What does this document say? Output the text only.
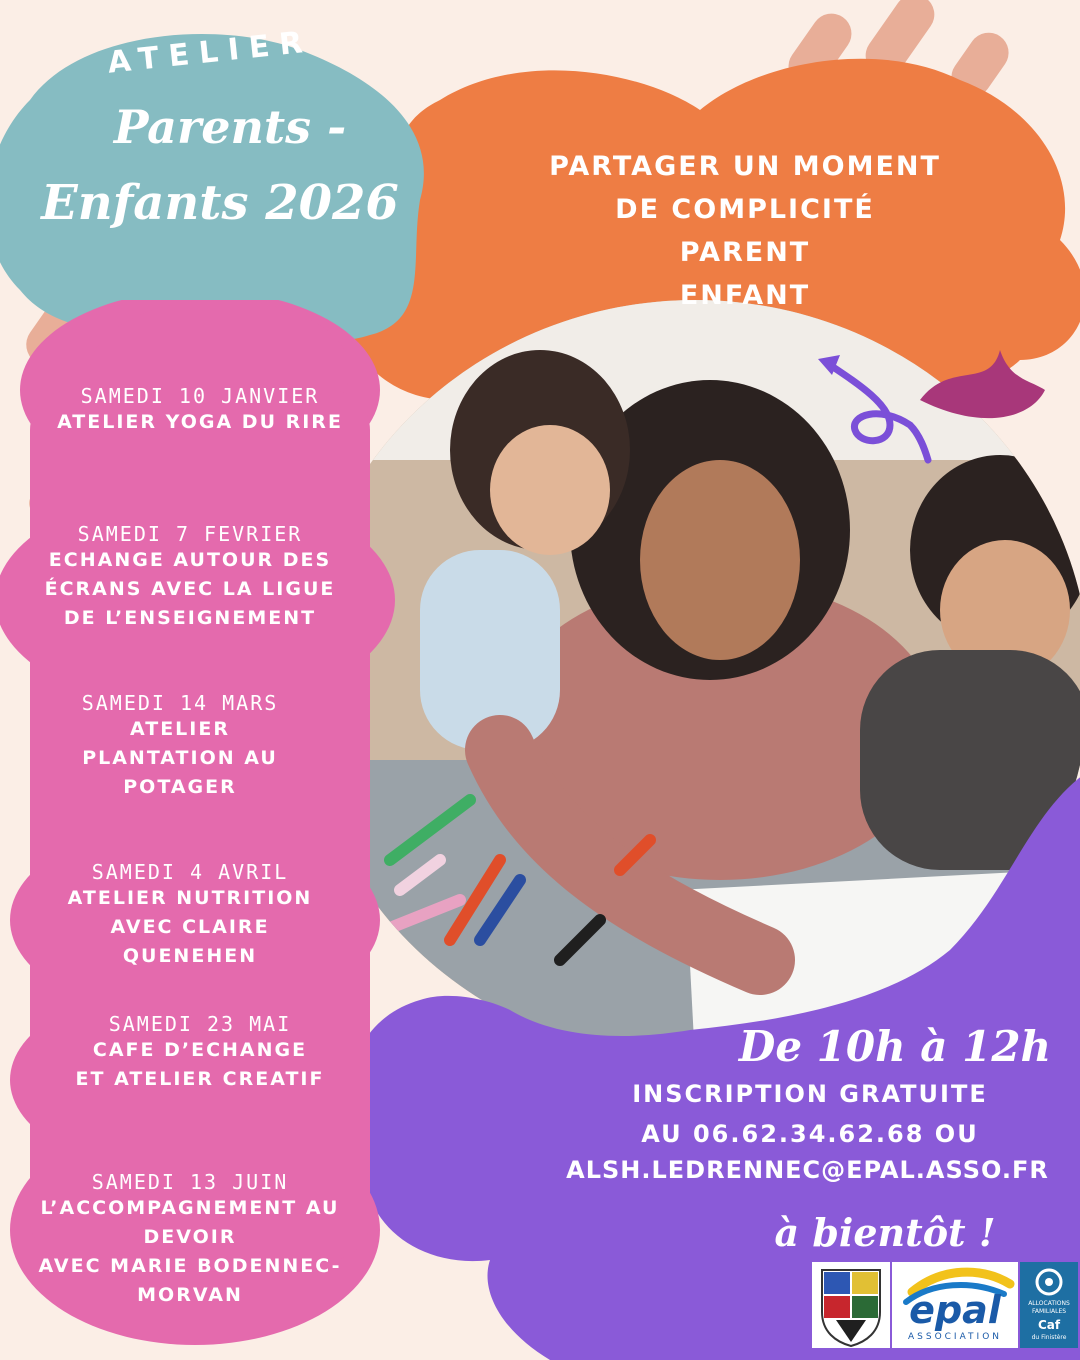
ATELIER
Parents -
Enfants 2026
PARTAGER UN MOMENT
DE COMPLICITÉ
PARENT
ENFANT
SAMEDI 10 JANVIER
ATELIER YOGA DU RIRE
SAMEDI 7 FEVRIER
ECHANGE AUTOUR DES
ÉCRANS AVEC LA LIGUE
DE L’ENSEIGNEMENT
SAMEDI 14 MARS
ATELIER
PLANTATION AU
POTAGER
SAMEDI 4 AVRIL
ATELIER NUTRITION
AVEC CLAIRE
QUENEHEN
SAMEDI 23 MAI
CAFE D’ECHANGE
ET ATELIER CREATIF
SAMEDI 13 JUIN
L’ACCOMPAGNEMENT AU
DEVOIR
AVEC MARIE BODENNEC-
MORVAN
De 10h à 12h
INSCRIPTION GRATUITE
AU 06.62.34.62.68 OU
ALSH.LEDRENNEC@EPAL.ASSO.FR
à bientôt !
epal
ASSOCIATION
ALLOCATIONS
FAMILIALES
Caf
du Finistère
